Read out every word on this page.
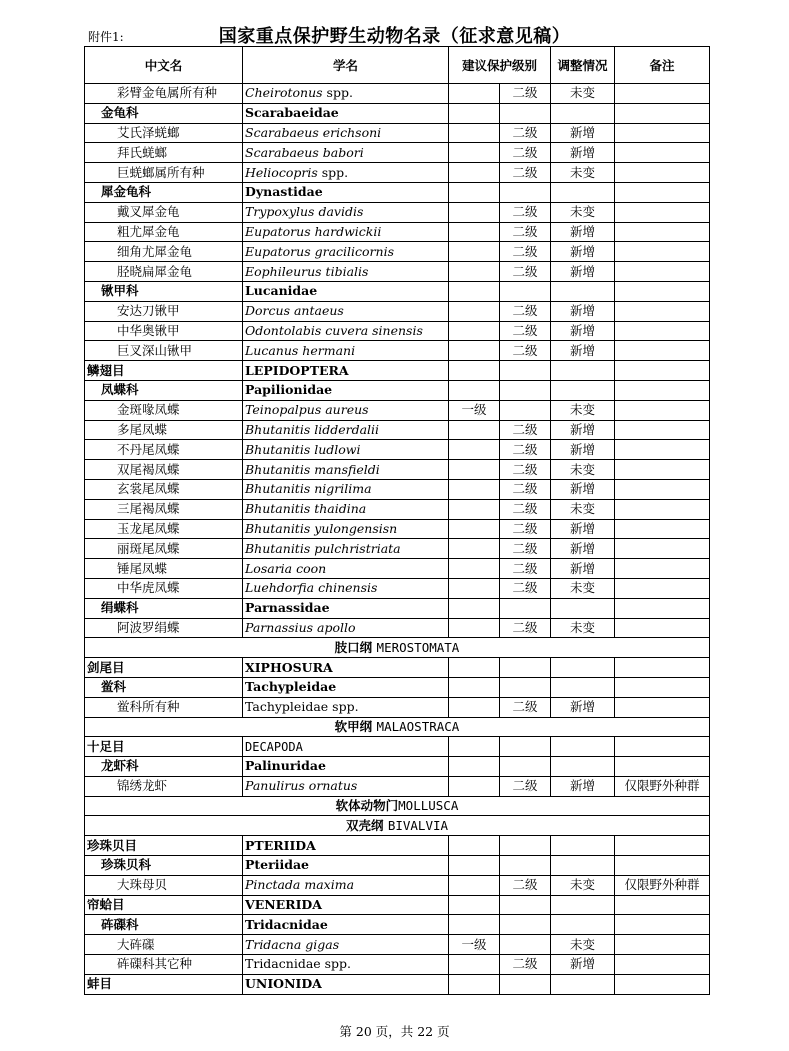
附件1:	国家重点保护野生动物名录（征求意见稿）
中文名	学名	建议保护级别		调整情况	备注
彩臂金龟属所有种	Cheirotonus spp.		二级	未变	
金龟科	Scarabaeidae				
艾氏泽蜣螂	Scarabaeus erichsoni		二级	新增	
拜氏蜣螂	Scarabaeus babori		二级	新增	
巨蜣螂属所有种	Heliocopris spp.		二级	未变	
犀金龟科	Dynastidae				
戴叉犀金龟	Trypoxylus davidis		二级	未变	
粗尤犀金龟	Eupatorus hardwickii		二级	新增	
细角尤犀金龟	Eupatorus gracilicornis		二级	新增	
胫晓扁犀金龟	Eophileurus tibialis		二级	新增	
锹甲科	Lucanidae				
安达刀锹甲	Dorcus antaeus		二级	新增	
中华奥锹甲	Odontolabis cuvera sinensis		二级	新增	
巨叉深山锹甲	Lucanus hermani		二级	新增	
鳞翅目	LEPIDOPTERA				
凤蝶科	Papilionidae				
金斑喙凤蝶	Teinopalpus aureus	一级		未变	
多尾凤蝶	Bhutanitis lidderdalii		二级	新增	
不丹尾凤蝶	Bhutanitis ludlowi		二级	新增	
双尾褐凤蝶	Bhutanitis mansfieldi		二级	未变	
玄裳尾凤蝶	Bhutanitis nigrilima		二级	新增	
三尾褐凤蝶	Bhutanitis thaidina		二级	未变	
玉龙尾凤蝶	Bhutanitis yulongensisn		二级	新增	
丽斑尾凤蝶	Bhutanitis pulchristriata		二级	新增	
锤尾凤蝶	Losaria coon		二级	新增	
中华虎凤蝶	Luehdorfia chinensis		二级	未变	
绢蝶科	Parnassidae				
阿波罗绢蝶	Parnassius apollo		二级	未变	
肢口纲 MEROSTOMATA					
剑尾目	XIPHOSURA				
鲎科	Tachypleidae				
鲎科所有种	Tachypleidae spp.		二级	新增	
软甲纲 MALAOSTRACA					
十足目	DECAPODA				
龙虾科	Palinuridae				
锦绣龙虾	Panulirus ornatus		二级	新增	仅限野外种群
软体动物门MOLLUSCA					
双壳纲 BIVALVIA					
珍珠贝目	PTERIIDA				
珍珠贝科	Pteriidae				
大珠母贝	Pinctada maxima		二级	未变	仅限野外种群
帘蛤目	VENERIDA				
砗磲科	Tridacnidae				
大砗磲	Tridacna gigas	一级		未变	
砗磲科其它种	Tridacnidae spp.		二级	新增	
蚌目	UNIONIDA				
第 20 页，共 22 页
